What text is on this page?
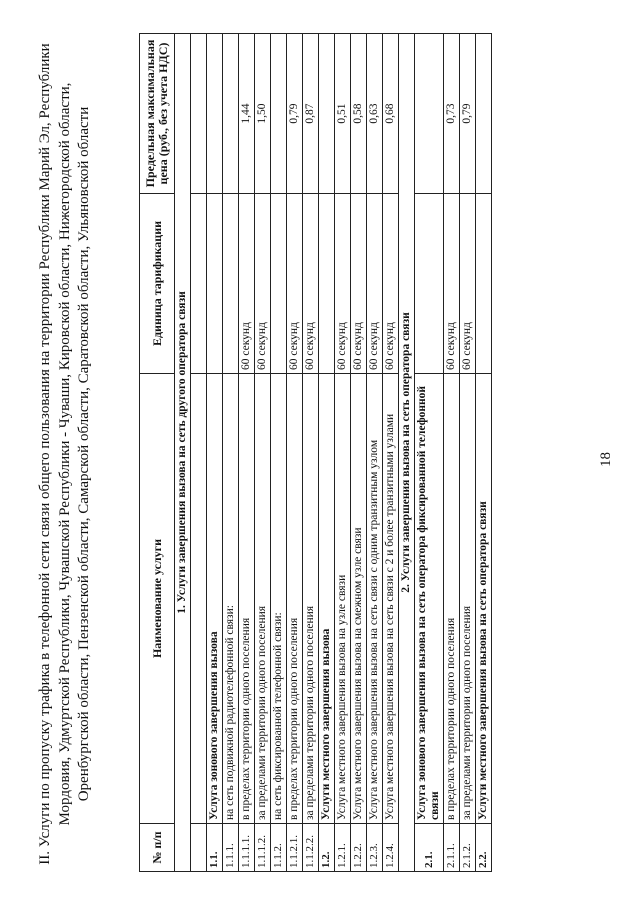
18
II. Услуги по пропуску трафика в телефонной сети связи общего пользования на территории Республики Марий Эл, Республики Мордовия, Удмуртской Республики, Чувашской Республики - Чуваши, Кировской области, Нижегородской области, Оренбургской области, Пензенской области, Самарской области, Саратовской области, Ульяновской области
№ п/п	Наименование услуги	Единица тарификации	Предельная максимальная цена (руб., без учета НДС)
1. Услуги завершения вызова на сеть другого оператора связи			

1.1.	Услуга зонового завершения вызова		
1.1.1.	на сеть подвижной радиотелефонной связи:		
1.1.1.1.	в пределах территории одного поселения	60 секунд	1,44
1.1.1.2.	за пределами территории одного поселения	60 секунд	1,50
1.1.2.	на сеть фиксированной телефонной связи:		
1.1.2.1.	в пределах территории одного поселения	60 секунд	0,79
1.1.2.2.	за пределами территории одного поселения	60 секунд	0,87
1.2.	Услуги местного завершения вызова		
1.2.1.	Услуга местного завершения вызова на узле связи	60 секунд	0,51
1.2.2.	Услуга местного завершения вызова на смежном узле связи	60 секунд	0,58
1.2.3.	Услуга местного завершения вызова на сеть связи с одним транзитным узлом	60 секунд	0,63
1.2.4.	Услуга местного завершения вызова на сеть связи с 2 и более транзитными узлами	60 секунд	0,68
2. Услуги завершения вызова на сеть оператора связи			
2.1.	Услуга зонового завершения вызова на сеть оператора фиксированной телефонной связи		
2.1.1.	в пределах территории одного поселения	60 секунд	0,73
2.1.2.	за пределами территории одного поселения	60 секунд	0,79
2.2.	Услуги местного завершения вызова на сеть оператора связи		
